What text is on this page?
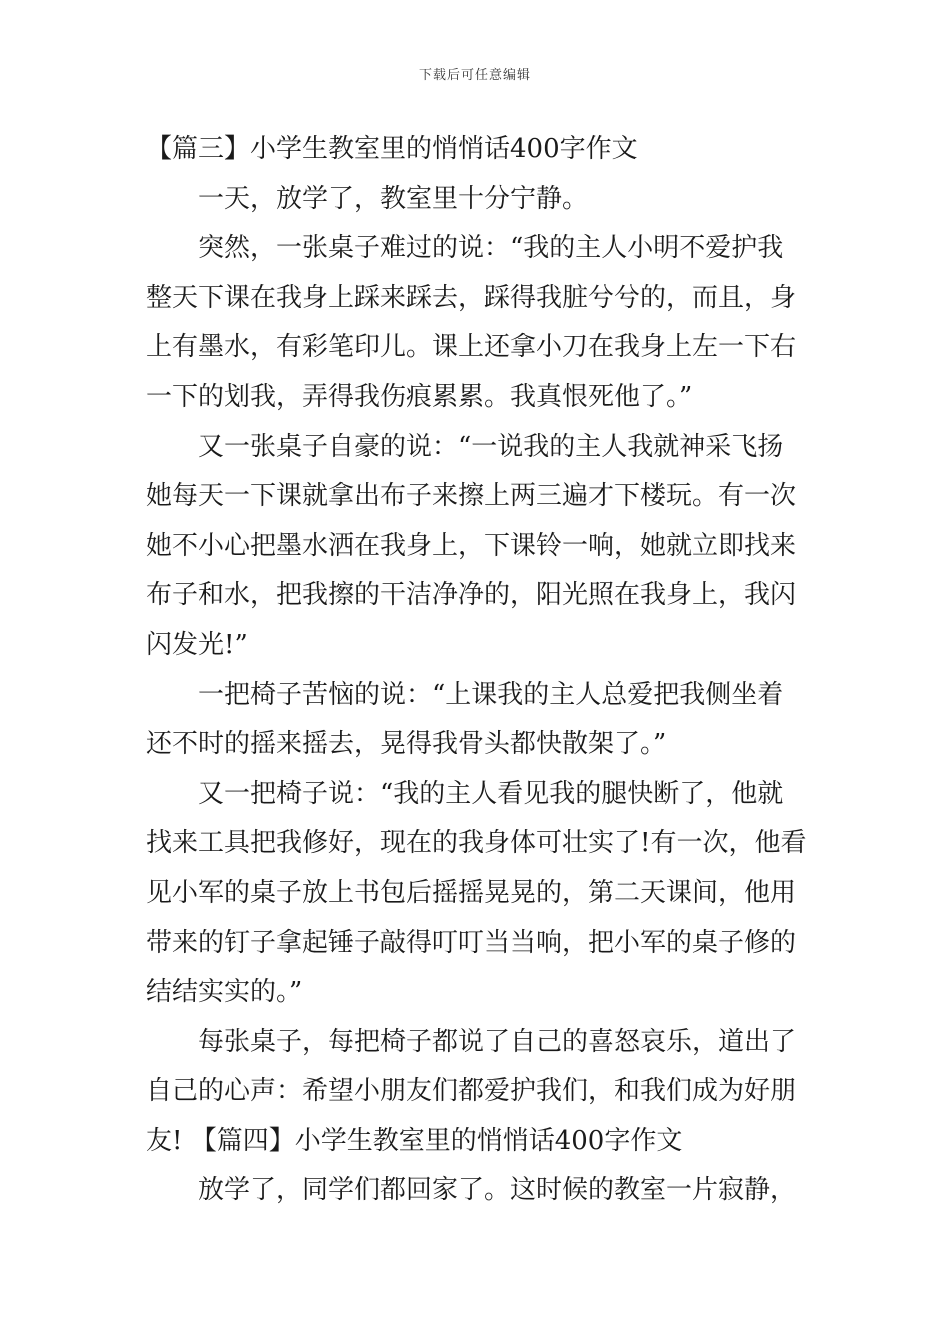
下载后可任意编辑
【篇三】小学生教室里的悄悄话400字作文
一天，放学了，教室里十分宁静。
突然，一张桌子难过的说：“我的主人小明不爱护我
整天下课在我身上踩来踩去，踩得我脏兮兮的，而且，身
上有墨水，有彩笔印儿。课上还拿小刀在我身上左一下右
一下的划我，弄得我伤痕累累。我真恨死他了。”
又一张桌子自豪的说：“一说我的主人我就神采飞扬
她每天一下课就拿出布子来擦上两三遍才下楼玩。有一次
她不小心把墨水洒在我身上，下课铃一响，她就立即找来
布子和水，把我擦的干洁净净的，阳光照在我身上，我闪
闪发光!”
一把椅子苦恼的说：“上课我的主人总爱把我侧坐着
还不时的摇来摇去，晃得我骨头都快散架了。”
又一把椅子说：“我的主人看见我的腿快断了，他就
找来工具把我修好，现在的我身体可壮实了!有一次，他看
见小军的桌子放上书包后摇摇晃晃的，第二天课间，他用
带来的钉子拿起锤子敲得叮叮当当响，把小军的桌子修的
结结实实的。”
每张桌子，每把椅子都说了自己的喜怒哀乐，道出了
自己的心声：希望小朋友们都爱护我们，和我们成为好朋
友! 【篇四】小学生教室里的悄悄话400字作文
放学了，同学们都回家了。这时候的教室一片寂静，
